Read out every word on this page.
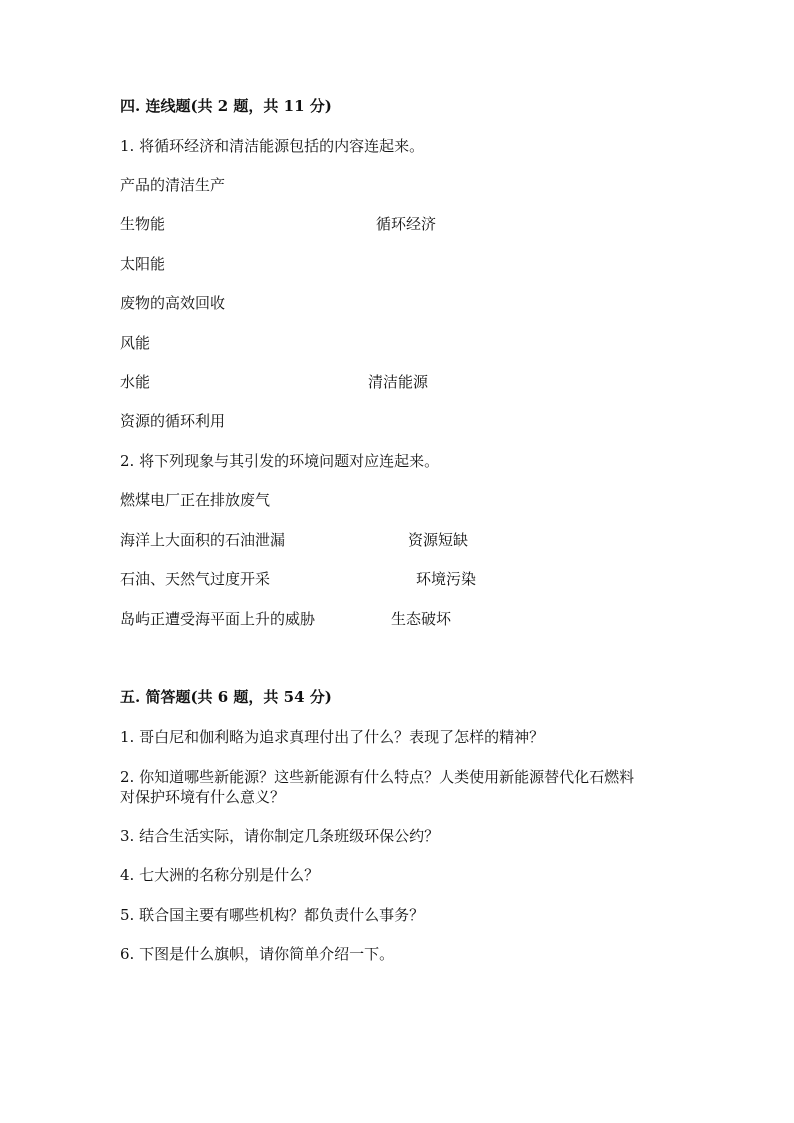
四. 连线题(共 2 题，共 11 分)
1. 将循环经济和清洁能源包括的内容连起来。
产品的清洁生产
生物能	循环经济
太阳能
废物的高效回收
风能
水能	清洁能源
资源的循环利用
2. 将下列现象与其引发的环境问题对应连起来。
燃煤电厂正在排放废气
海洋上大面积的石油泄漏	资源短缺
石油、天然气过度开采	环境污染
岛屿正遭受海平面上升的威胁	生态破坏
五. 简答题(共 6 题，共 54 分)
1. 哥白尼和伽利略为追求真理付出了什么？表现了怎样的精神？
2. 你知道哪些新能源？这些新能源有什么特点？人类使用新能源替代化石燃料
对保护环境有什么意义？
3. 结合生活实际，请你制定几条班级环保公约？
4. 七大洲的名称分别是什么？
5. 联合国主要有哪些机构？都负责什么事务？
6. 下图是什么旗帜，请你简单介绍一下。
